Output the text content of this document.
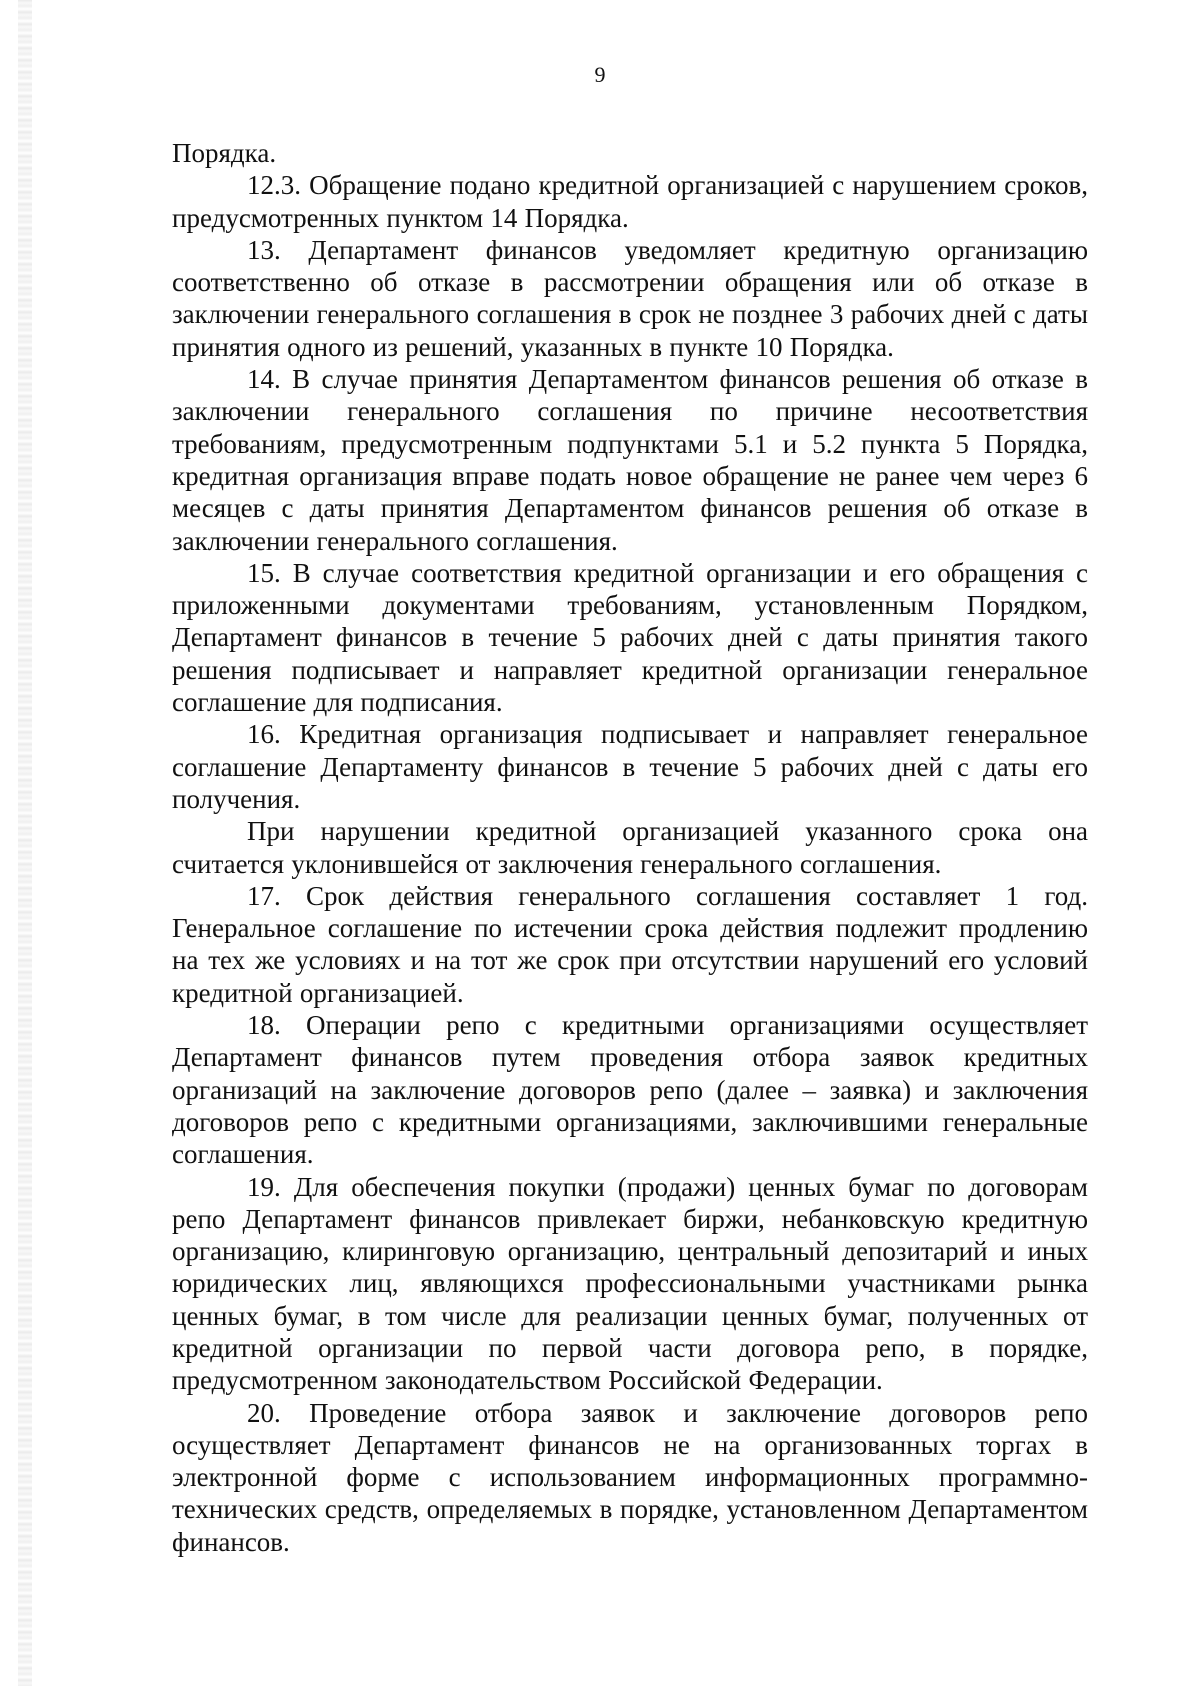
9

Порядка.

12.3. Обращение подано кредитной организацией с нарушением сроков, предусмотренных пунктом 14 Порядка.

13. Департамент финансов уведомляет кредитную организацию соответственно об отказе в рассмотрении обращения или об отказе в заключении генерального соглашения в срок не позднее 3 рабочих дней с даты принятия одного из решений, указанных в пункте 10 Порядка.

14. В случае принятия Департаментом финансов решения об отказе в заключении генерального соглашения по причине несоответствия требованиям, предусмотренным подпунктами 5.1 и 5.2 пункта 5 Порядка, кредитная организация вправе подать новое обращение не ранее чем через 6 месяцев с даты принятия Департаментом финансов решения об отказе в заключении генерального соглашения.

15. В случае соответствия кредитной организации и его обращения с приложенными документами требованиям, установленным Порядком, Департамент финансов в течение 5 рабочих дней с даты принятия такого решения подписывает и направляет кредитной организации генеральное соглашение для подписания.

16. Кредитная организация подписывает и направляет генеральное соглашение Департаменту финансов в течение 5 рабочих дней с даты его получения.

При нарушении кредитной организацией указанного срока она считается уклонившейся от заключения генерального соглашения.

17. Срок действия генерального соглашения составляет 1 год. Генеральное соглашение по истечении срока действия подлежит продлению на тех же условиях и на тот же срок при отсутствии нарушений его условий кредитной организацией.

18. Операции репо с кредитными организациями осуществляет Департамент финансов путем проведения отбора заявок кредитных организаций на заключение договоров репо (далее – заявка) и заключения договоров репо с кредитными организациями, заключившими генеральные соглашения.

19. Для обеспечения покупки (продажи) ценных бумаг по договорам репо Департамент финансов привлекает биржи, небанковскую кредитную организацию, клиринговую организацию, центральный депозитарий и иных юридических лиц, являющихся профессиональными участниками рынка ценных бумаг, в том числе для реализации ценных бумаг, полученных от кредитной организации по первой части договора репо, в порядке, предусмотренном законодательством Российской Федерации.

20. Проведение отбора заявок и заключение договоров репо осуществляет Департамент финансов не на организованных торгах в электронной форме с использованием информационных программно-технических средств, определяемых в порядке, установленном Департаментом финансов.
